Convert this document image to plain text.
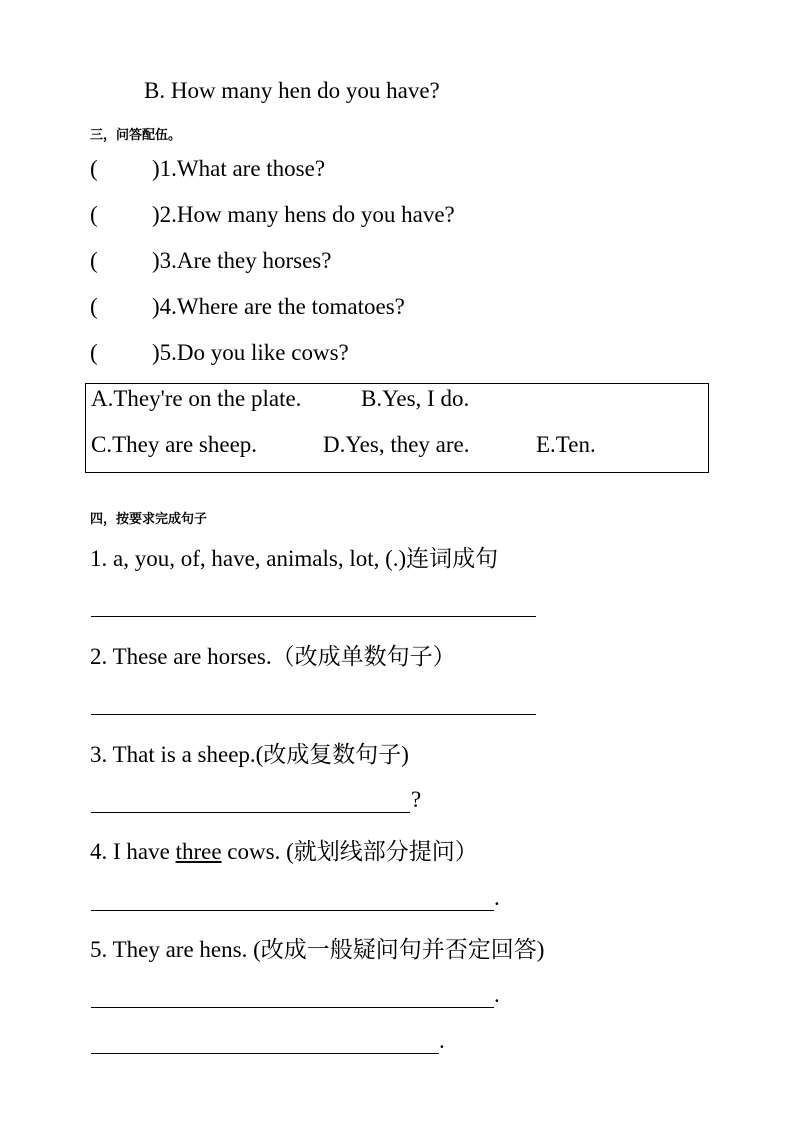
B. How many hen do you have?
三，问答配伍。
( )1.What are those?
( )2.How many hens do you have?
( )3.Are they horses?
( )4.Where are the tomatoes?
( )5.Do you like cows?
A.They're on the plate.	B.Yes, I do.
C.They are sheep.	D.Yes, they are.	E.Ten.
四，按要求完成句子
1. a, you, of, have, animals, lot, (.)连词成句
2. These are horses.（改成单数句子）
3. That is a sheep.(改成复数句子)
?
4. I have three cows. (就划线部分提问）
.
5. They are hens. (改成一般疑问句并否定回答)
.
.
